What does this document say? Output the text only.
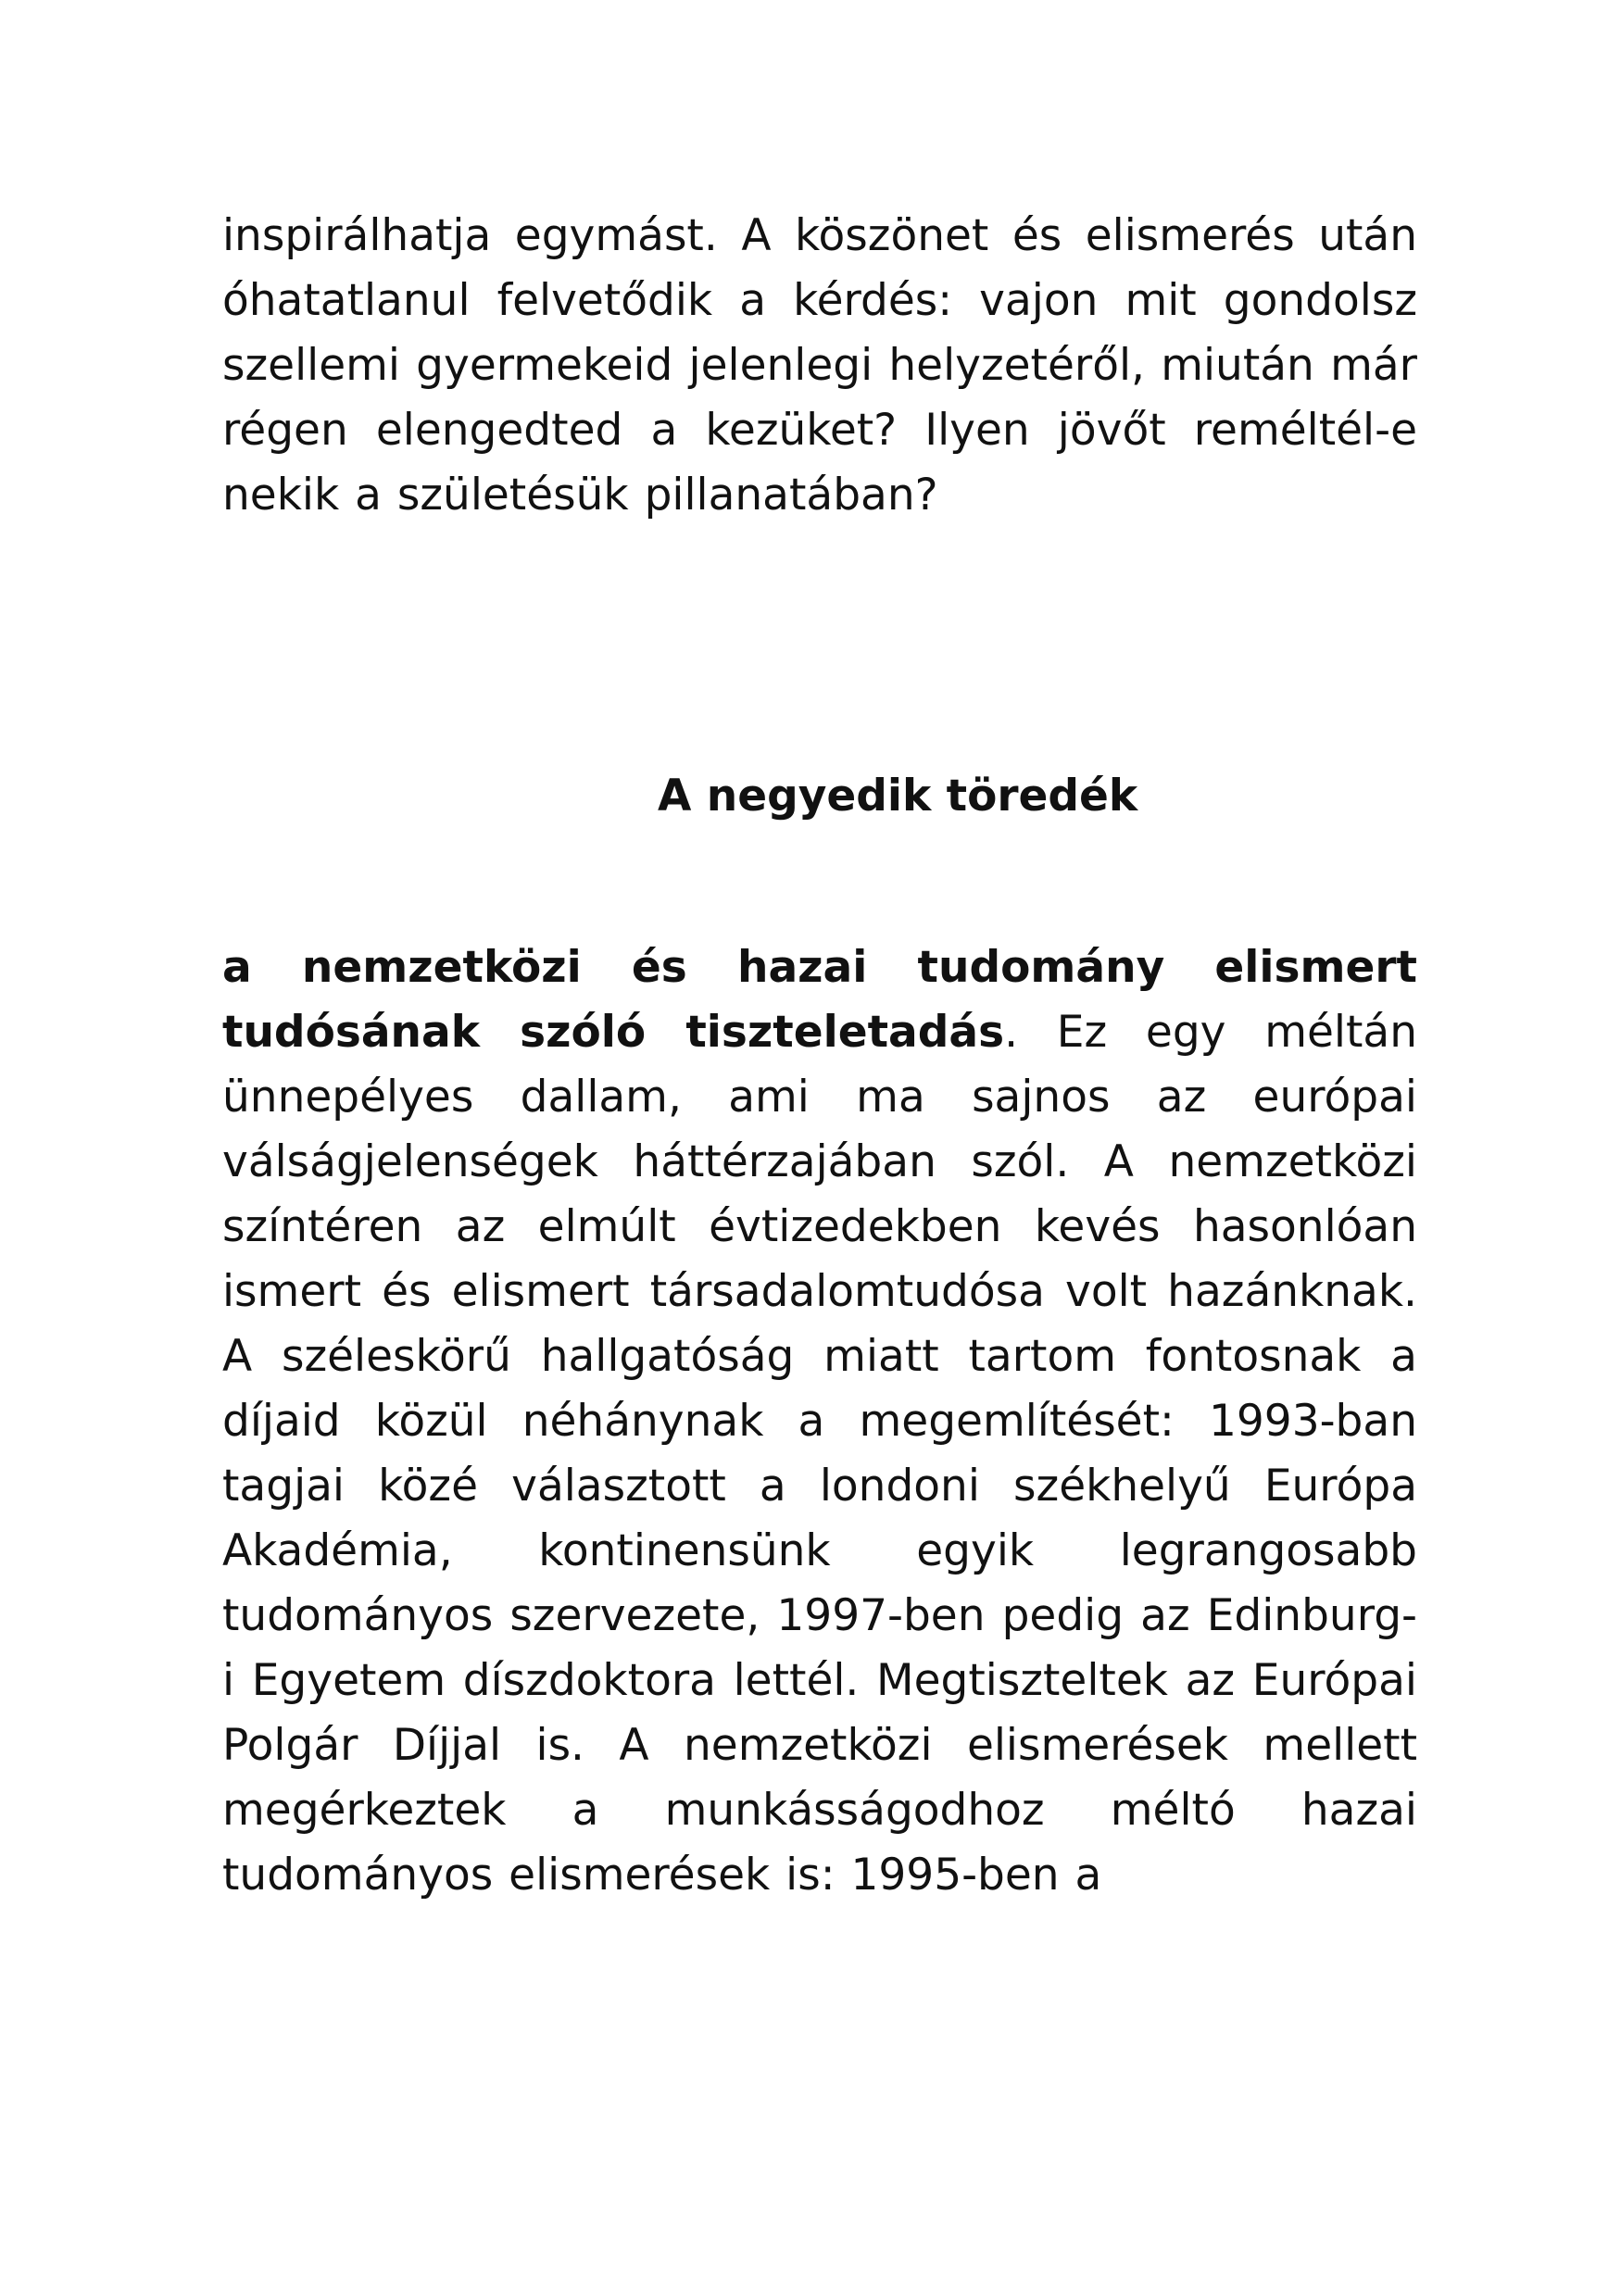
inspirálhatja egymást. A köszönet és elismerés után óhatatlanul felvetődik a kérdés: vajon mit gondolsz szellemi gyermekeid jelenlegi helyzetéről, miután már régen elengedted a kezüket? Ilyen jövőt reméltél-e nekik a születésük pillanatában?

A negyedik töredék

a nemzetközi és hazai tudomány elismert tudósának szóló tiszteletadás. Ez egy méltán ünnepélyes dallam, ami ma sajnos az európai válságjelenségek háttérzajában szól. A nemzetközi színtéren az elmúlt évtizedekben kevés hasonlóan ismert és elismert társadalomtudósa volt hazánknak. A széleskörű hallgatóság miatt tartom fontosnak a díjaid közül néhánynak a megemlítését: 1993-ban tagjai közé választott a londoni székhelyű Európa Akadémia, kontinensünk egyik legrangosabb tudományos szervezete, 1997-ben pedig az Edinburg-i Egyetem díszdoktora lettél. Megtiszteltek az Európai Polgár Díjjal is. A nemzetközi elismerések mellett megérkeztek a munkásságodhoz méltó hazai tudományos elismerések is: 1995-ben a
